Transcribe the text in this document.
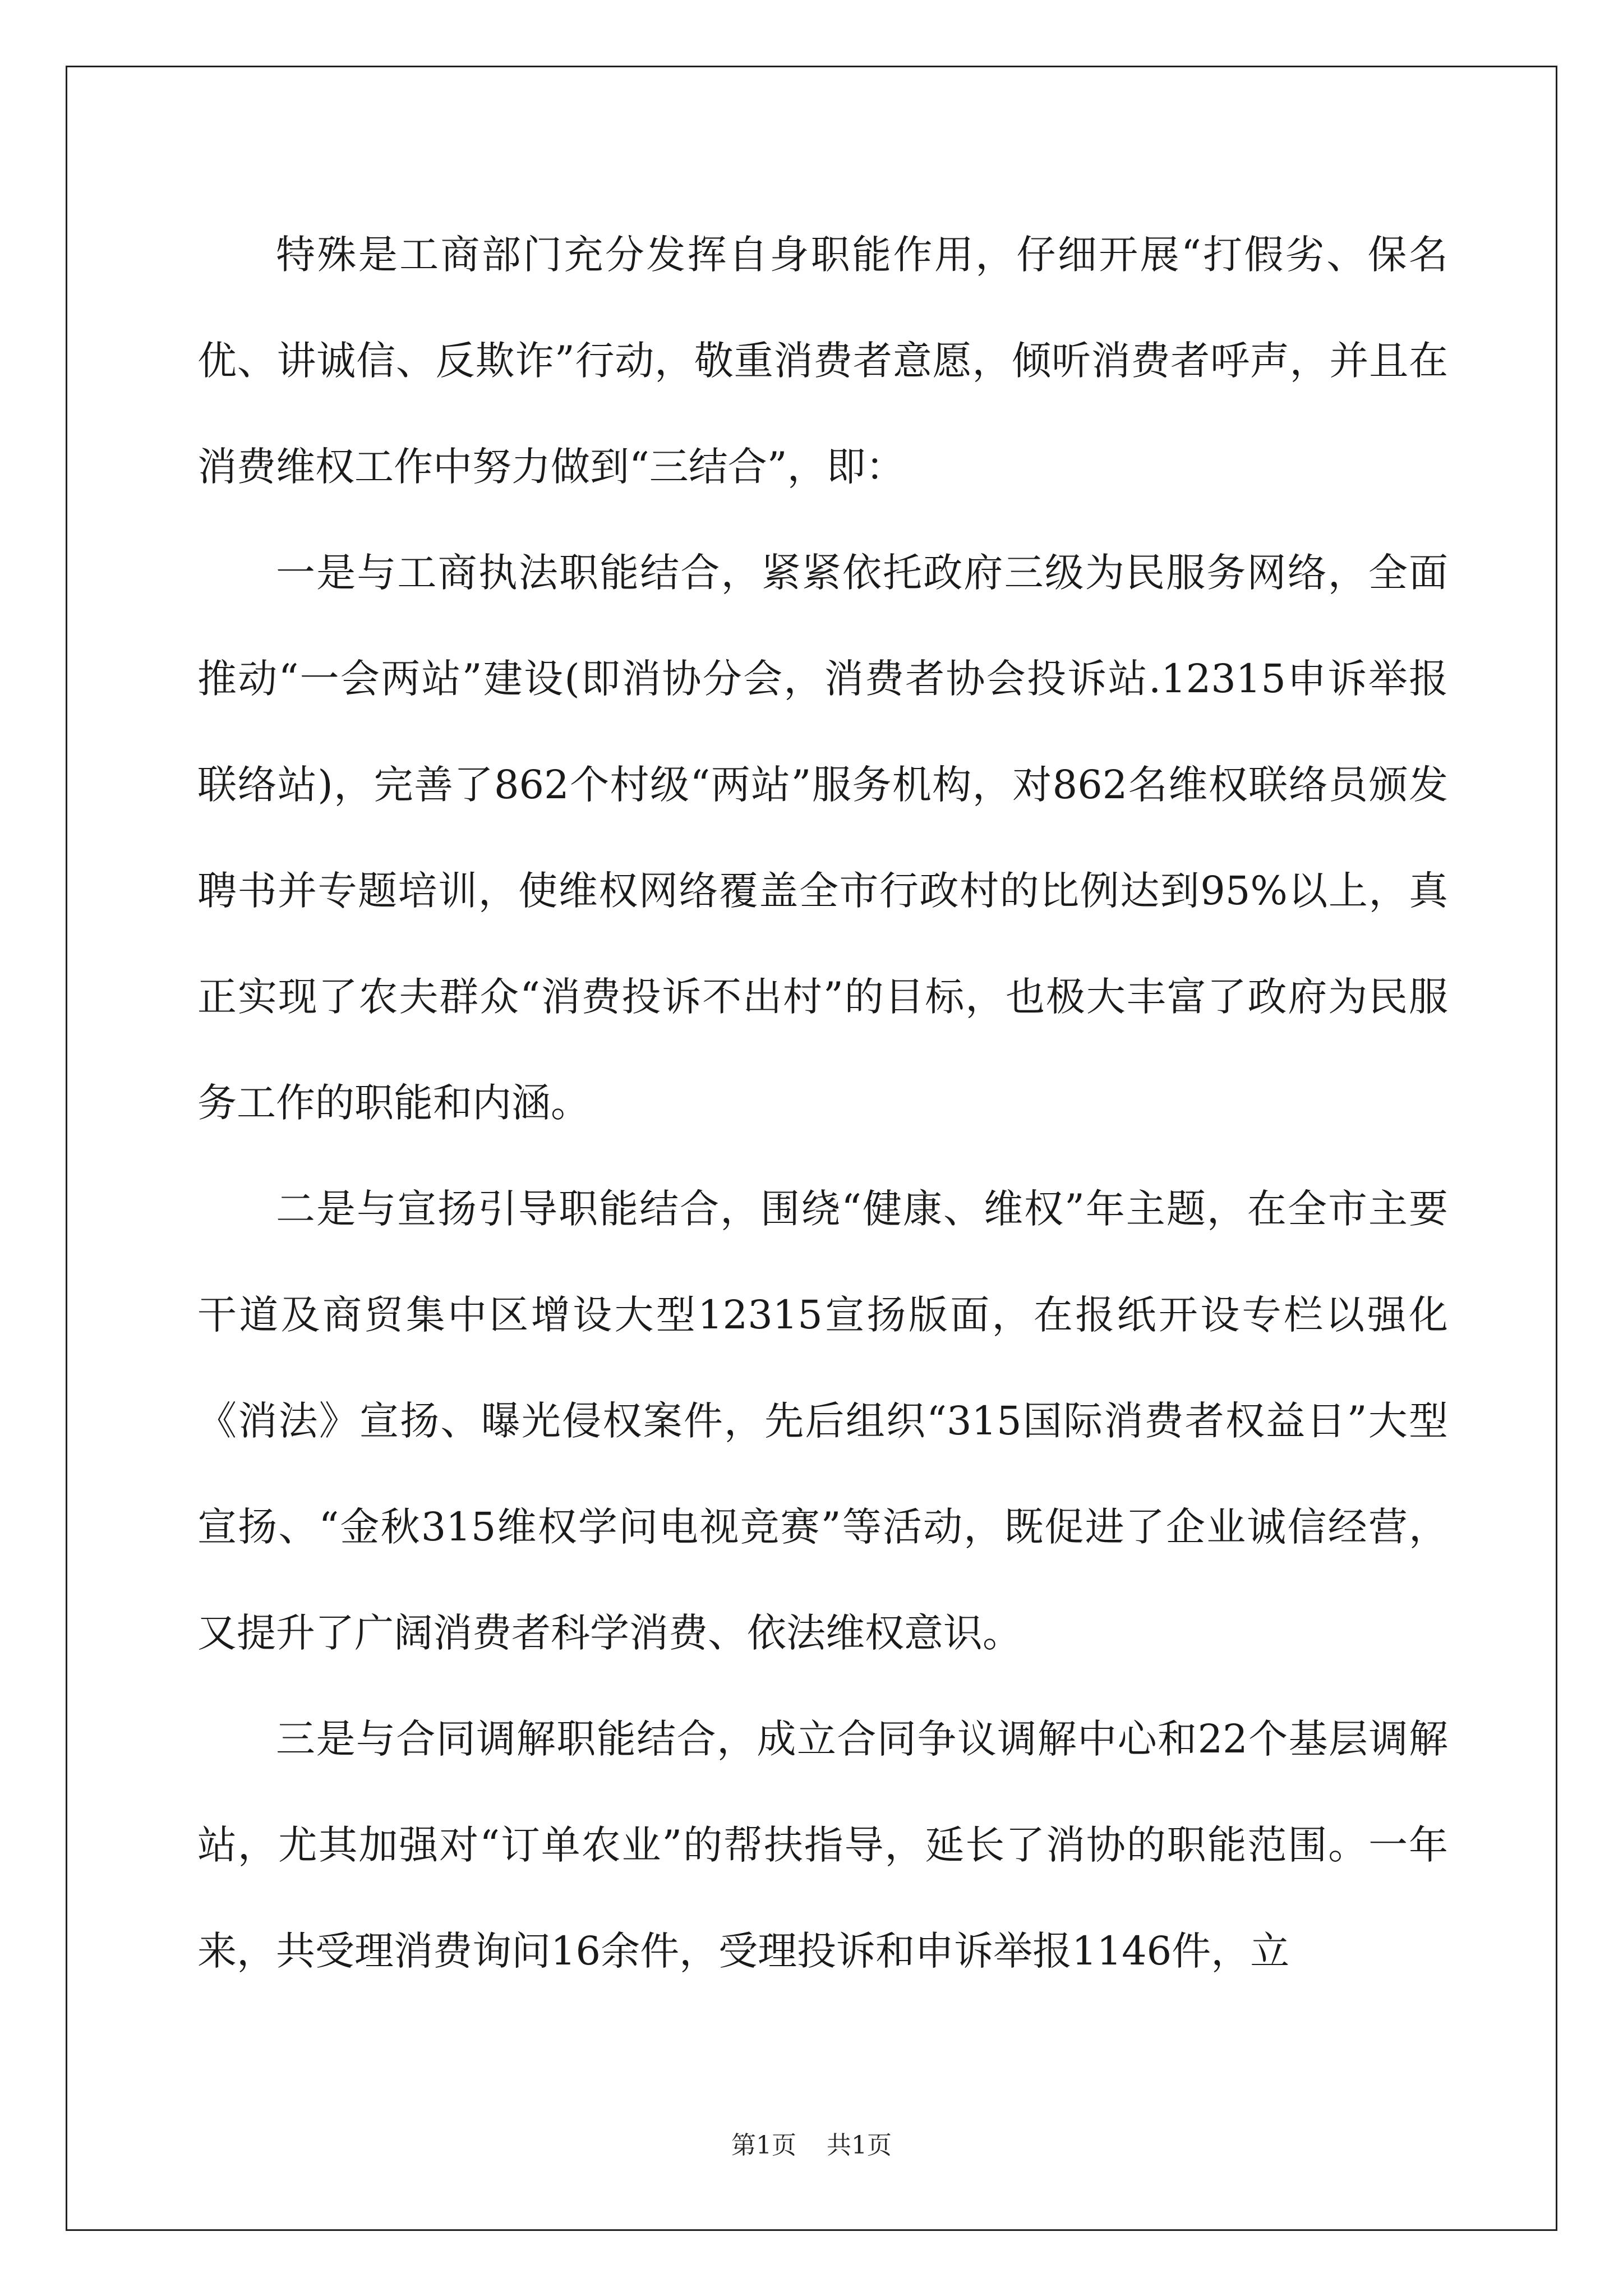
特殊是工商部门充分发挥自身职能作用，仔细开展“打假劣、保名优、讲诚信、反欺诈”行动，敬重消费者意愿，倾听消费者呼声，并且在消费维权工作中努力做到“三结合”，即：

一是与工商执法职能结合，紧紧依托政府三级为民服务网络，全面推动“一会两站”建设(即消协分会，消费者协会投诉站.12315申诉举报联络站)，完善了862个村级“两站”服务机构，对862名维权联络员颁发聘书并专题培训，使维权网络覆盖全市行政村的比例达到95%以上，真正实现了农夫群众“消费投诉不出村”的目标，也极大丰富了政府为民服务工作的职能和内涵。

二是与宣扬引导职能结合，围绕“健康、维权”年主题，在全市主要干道及商贸集中区增设大型12315宣扬版面，在报纸开设专栏以强化《消法》宣扬、曝光侵权案件，先后组织“315国际消费者权益日”大型宣扬、“金秋315维权学问电视竞赛”等活动，既促进了企业诚信经营，又提升了广阔消费者科学消费、依法维权意识。

三是与合同调解职能结合，成立合同争议调解中心和22个基层调解站，尤其加强对“订单农业”的帮扶指导，延长了消协的职能范围。一年来，共受理消费询问16余件，受理投诉和申诉举报1146件，立

第1页 共1页
